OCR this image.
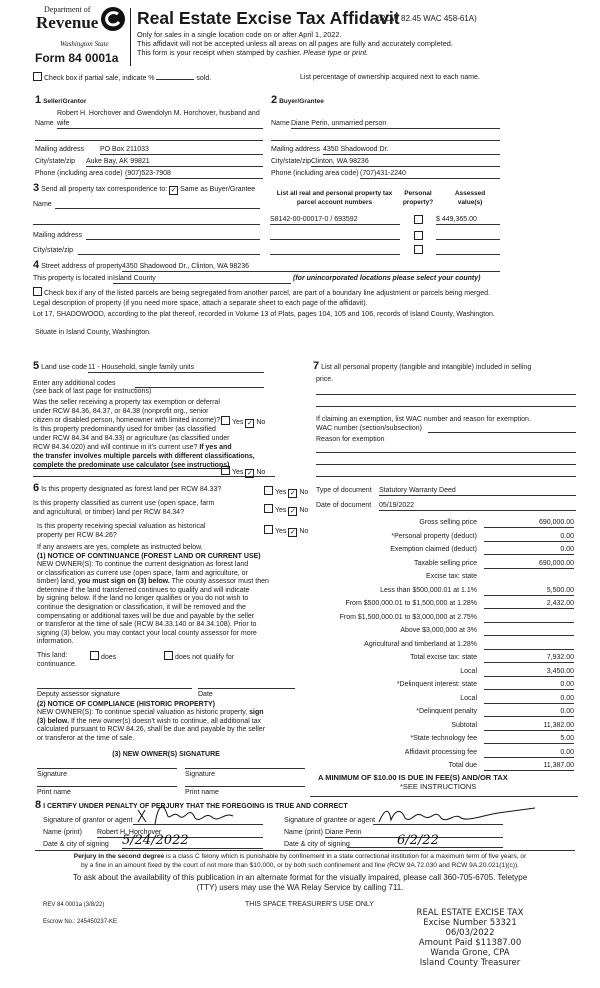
Department of
Revenue
Washington State
Form 84 0001a
Real Estate Excise Tax Affidavit
(RCW 82.45 WAC 458-61A)
Only for sales in a single location code on or after April 1, 2022.
This affidavit will not be accepted unless all areas on all pages are fully and accurately completed.
This form is your receipt when stamped by cashier. Please type or print.
Check box if partial sale, indicate %	sold.	List percentage of ownership acquired next to each name.
1 Seller/Grantor
Robert H. Horchover and Gwendolyn M. Horchover, husband and
Name wife
Mailing address PO Box 211033
City/state/zip Auke Bay, AK 99821
Phone (including area code) (907)523-7908
2 Buyer/Grantee
Name Diane Perin, unmarried person
Mailing address 4350 Shadowood Dr.
City/state/zip Clinton, WA 98236
Phone (including area code) (707)431-2240
3 Send all property tax correspondence to: ✓ Same as Buyer/Grantee
Name
Mailing address
City/state/zip
List all real and personal property tax
parcel account numbers
Personal
property?
Assessed
value(s)
S8142-00-00017-0 / 693592	$ 449,365.00
4 Street address of property 4350 Shadowood Dr., Clinton, WA 98236
This property is located in Island County	(for unincorporated locations please select your county)
Check box if any of the listed parcels are being segregated from another parcel, are part of a boundary line adjustment or parcels being merged.
Legal description of property (if you need more space, attach a separate sheet to each page of the affidavit).
Lot 17, SHADOWOOD, according to the plat thereof, recorded in Volume 13 of Plats, pages 104, 105 and 106, records of Island County, Washington.
Situate in Island County, Washington.
5 Land use code 11 - Household, single family units
Enter any additional codes
(see back of last page for instructions)
Was the seller receiving a property tax exemption or deferral
under RCW 84.36, 84.37, or 84.38 (nonprofit org., senior
citizen or disabled person, homeowner with limited income)?	Yes ✓ No
Is this property predominantly used for timber (as classified
under RCW 84.34 and 84.33) or agriculture (as classified under
RCW 84.34.020) and will continue in it's current use? If yes and
the transfer involves multiple parcels with different classifications,
complete the predominate use calculator (see instructions)
Yes ✓ No
7 List all personal property (tangible and intangible) included in selling
price.
If claiming an exemption, list WAC number and reason for exemption.
WAC number (section/subsection)
Reason for exemption
Type of document Statutory Warranty Deed
Date of document 05/19/2022
6 Is this property designated as forest land per RCW 84.33?	Yes ✓ No
Is this property classified as current use (open space, farm
and agricultural, or timber) land per RCW 84.34?	Yes ✓ No
Is this property receiving special valuation as historical
property per RCW 84.26?
Yes ✓ No
If any answers are yes, complete as instructed below.
(1) NOTICE OF CONTINUANCE (FOREST LAND OR CURRENT USE)
NEW OWNER(S): To continue the current designation as forest land
or classification as current use (open space, farm and agriculture, or
timber) land, you must sign on (3) below. The county assessor must then
determine if the land transferred continues to qualify and will indicate
by signing below. If the land no longer qualifies or you do not wish to
continue the designation or classification, it will be removed and the
compensating or additional taxes will be due and payable by the seller
or transferor at the time of sale (RCW 84.33.140 or 84.34.108). Prior to
signing (3) below, you may contact your local county assessor for more
information.
This land:	does	does not qualify for
continuance.
Deputy assessor signature	Date
(2) NOTICE OF COMPLIANCE (HISTORIC PROPERTY)
NEW OWNER(S): To continue special valuation as historic property, sign
(3) below. If the new owner(s) doesn't wish to continue, all additional tax
calculated pursuant to RCW 84.26, shall be due and payable by the seller
or transferor at the time of sale.
(3) NEW OWNER(S) SIGNATURE
Signature	Signature
Print name	Print name
Gross selling price	690,000.00
*Personal property (deduct)	0.00
Exemption claimed (deduct)	0.00
Taxable selling price	690,000.00
Excise tax: state
Less than $500,000.01 at 1.1%	5,500.00
From $500,000.01 to $1,500,000 at 1.28%	2,432.00
From $1,500,000.01 to $3,000,000 at 2.75%
Above $3,000,000 at 3%
Agricultural and timberland at 1.28%
Total excise tax: state	7,932.00
Local	3,450.00
*Delinquent interest: state	0.00
Local	0.00
*Delinquent penalty	0.00
Subtotal	11,382.00
*State technology fee	5.00
Affidavit processing fee	0.00
Total due	11,387.00
A MINIMUM OF $10.00 IS DUE IN FEE(S) AND/OR TAX
*SEE INSTRUCTIONS
8 I CERTIFY UNDER PENALTY OF PERJURY THAT THE FOREGOING IS TRUE AND CORRECT
Signature of grantor or agent
Name (print) Robert H. Horchover
Date & city of signing 5/24/2022
Signature of grantee or agent
Name (print) Diane Perin
Date & city of signing	6/2/22
Perjury in the second degree is a class C felony which is punishable by confinement in a state correctional institution for a maximum term of five years, or
by a fine in an amount fixed by the court of not more than $10,000, or by both such confinement and fine (RCW 9A.72.030 and RCW 9A.20.021(1)(c)).
To ask about the availability of this publication in an alternate format for the visually impaired, please call 360-705-6705. Teletype
(TTY) users may use the WA Relay Service by calling 711.
REV 84 0001a (3/8/22)	THIS SPACE TREASURER'S USE ONLY
Escrow No.: 245450237-KE
REAL ESTATE EXCISE TAX
Excise Number 53321
06/03/2022
Amount Paid $11387.00
Wanda Grone, CPA
Island County Treasurer
